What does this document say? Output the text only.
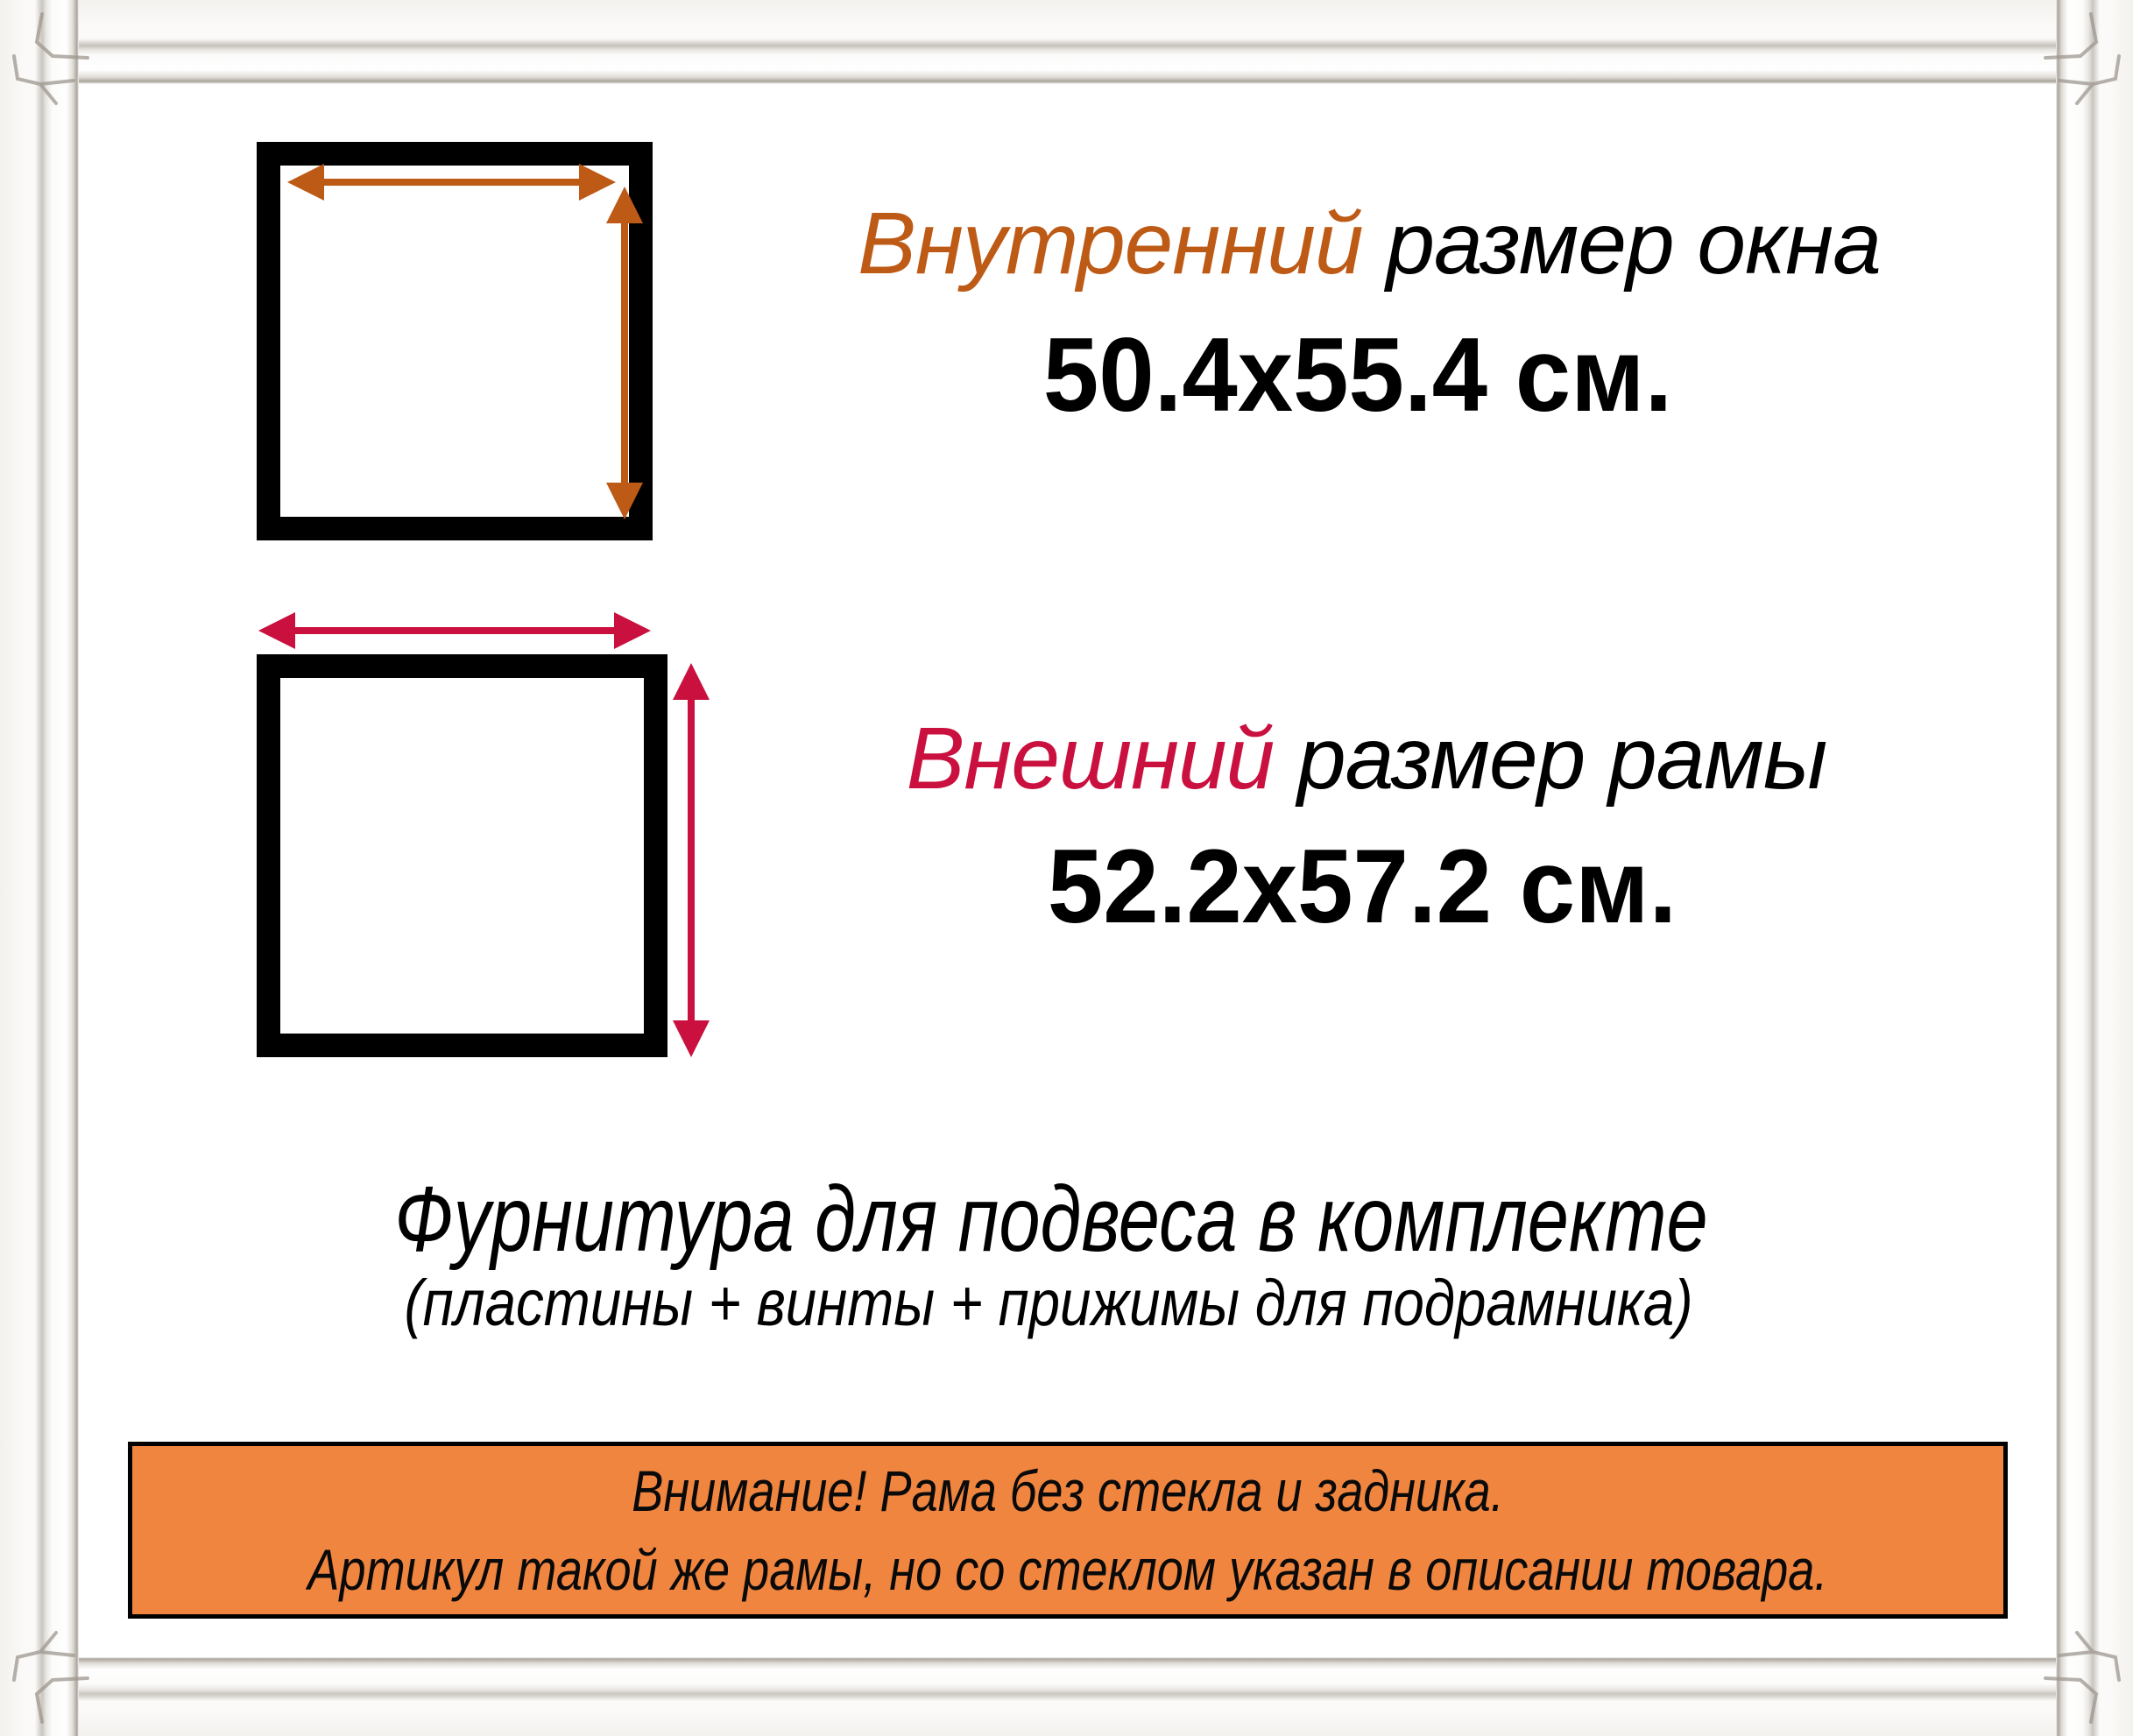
Внутренний размер окна
50.4x55.4 см.
Внешний размер рамы
52.2x57.2 см.
Фурнитура для подвеса в комплекте
(пластины + винты + прижимы для подрамника)
Внимание! Рама без стекла и задника.
Артикул такой же рамы, но со стеклом указан в описании товара.
